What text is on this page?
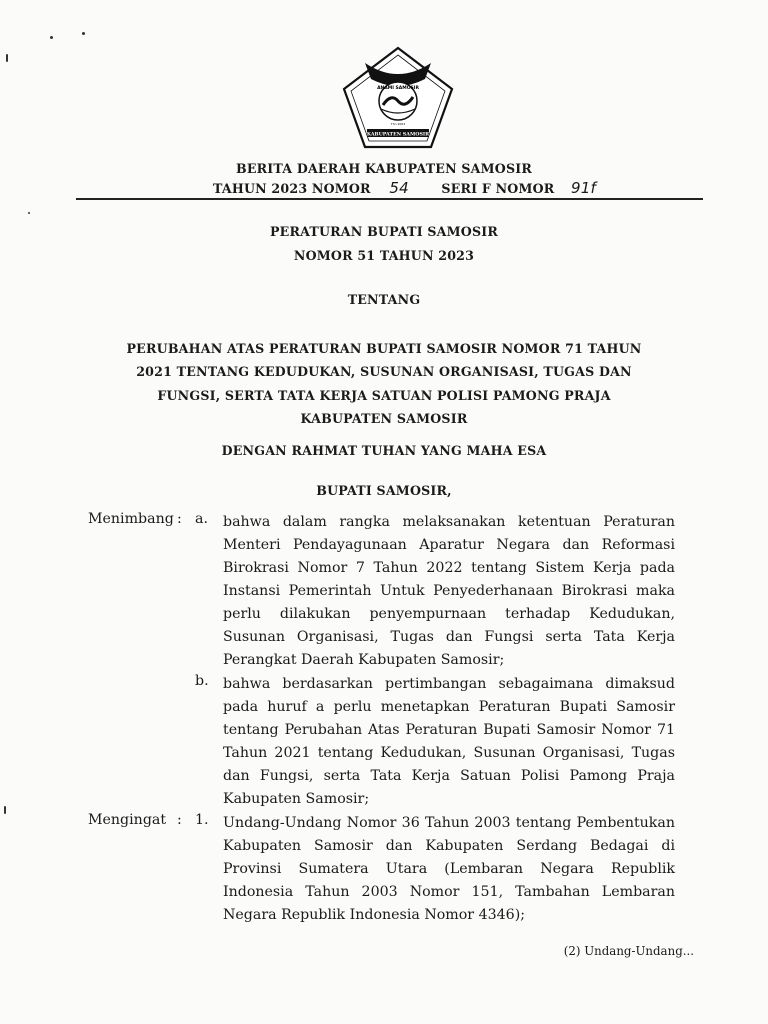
ANAMI SAMOSIR
Thn 2003
KABUPATEN SAMOSIR
BERITA DAERAH KABUPATEN SAMOSIR
TAHUN 2023 NOMOR 54	SERI F NOMOR 91f
PERATURAN BUPATI SAMOSIR
NOMOR 51 TAHUN 2023
TENTANG
PERUBAHAN ATAS PERATURAN BUPATI SAMOSIR NOMOR 71 TAHUN
2021 TENTANG KEDUDUKAN, SUSUNAN ORGANISASI, TUGAS DAN
FUNGSI, SERTA TATA KERJA SATUAN POLISI PAMONG PRAJA
KABUPATEN SAMOSIR
DENGAN RAHMAT TUHAN YANG MAHA ESA
BUPATI SAMOSIR,
Menimbang : a. bahwa dalam rangka melaksanakan ketentuan Peraturan Menteri Pendayagunaan Aparatur Negara dan Reformasi Birokrasi Nomor 7 Tahun 2022 tentang Sistem Kerja pada Instansi Pemerintah Untuk Penyederhanaan Birokrasi maka perlu dilakukan penyempurnaan terhadap Kedudukan, Susunan Organisasi, Tugas dan Fungsi serta Tata Kerja Perangkat Daerah Kabupaten Samosir;
b. bahwa berdasarkan pertimbangan sebagaimana dimaksud pada huruf a perlu menetapkan Peraturan Bupati Samosir tentang Perubahan Atas Peraturan Bupati Samosir Nomor 71 Tahun 2021 tentang Kedudukan, Susunan Organisasi, Tugas dan Fungsi, serta Tata Kerja Satuan Polisi Pamong Praja Kabupaten Samosir;
Mengingat : 1. Undang-Undang Nomor 36 Tahun 2003 tentang Pembentukan Kabupaten Samosir dan Kabupaten Serdang Bedagai di Provinsi Sumatera Utara (Lembaran Negara Republik Indonesia Tahun 2003 Nomor 151, Tambahan Lembaran Negara Republik Indonesia Nomor 4346);
(2) Undang-Undang...
